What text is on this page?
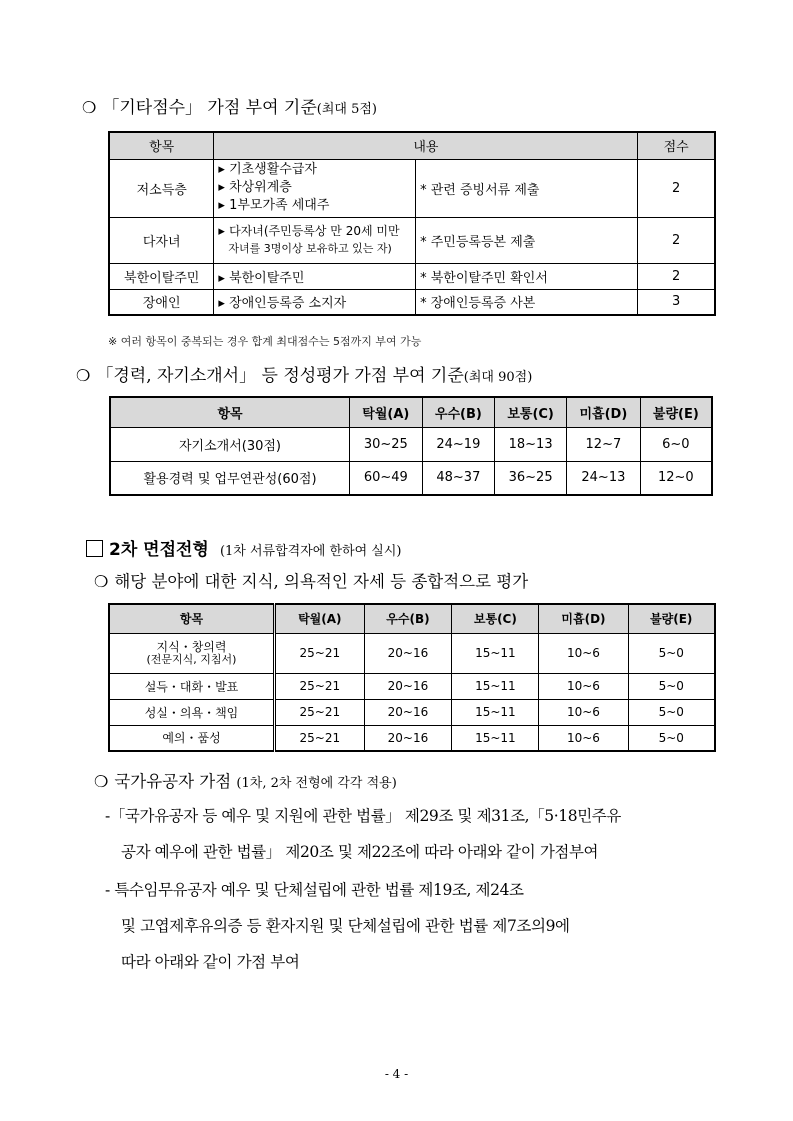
❍ 「기타점수」 가점 부여 기준(최대 5점)
항목	내용		점수
저소득층	▸ 기초생활수급자
▸ 차상위계층
▸ 1부모가족 세대주	* 관련 증빙서류 제출	2
다자녀	▸ 다자녀(주민등록상 만 20세 미만
자녀를 3명이상 보유하고 있는 자)	* 주민등록등본 제출	2
북한이탈주민	▸ 북한이탈주민	* 북한이탈주민 확인서	2
장애인	▸ 장애인등록증 소지자	* 장애인등록증 사본	3
※ 여러 항목이 중복되는 경우 합계 최대점수는 5점까지 부여 가능
❍ 「경력, 자기소개서」 등 정성평가 가점 부여 기준(최대 90점)
항목	탁월(A)	우수(B)	보통(C)	미흡(D)	불량(E)
자기소개서(30점)	30~25	24~19	18~13	12~7	6~0
활용경력 및 업무연관성(60점)	60~49	48~37	36~25	24~13	12~0
2차 면접전형 (1차 서류합격자에 한하여 실시)
❍ 해당 분야에 대한 지식, 의욕적인 자세 등 종합적으로 평가
항목	탁월(A)	우수(B)	보통(C)	미흡(D)	불량(E)

지식・창의력
(전문지식, 지침서)	25~21	20~16	15~11	10~6	5~0
설득・대화・발표	25~21	20~16	15~11	10~6	5~0
성실・의욕・책임	25~21	20~16	15~11	10~6	5~0
예의・품성	25~21	20~16	15~11	10~6	5~0
❍ 국가유공자 가점 (1차, 2차 전형에 각각 적용)
-「국가유공자 등 예우 및 지원에 관한 법률」 제29조 및 제31조,「5·18민주유
공자 예우에 관한 법률」 제20조 및 제22조에 따라 아래와 같이 가점부여
- 특수임무유공자 예우 및 단체설립에 관한 법률 제19조, 제24조
및 고엽제후유의증 등 환자지원 및 단체설립에 관한 법률 제7조의9에
따라 아래와 같이 가점 부여
- 4 -
